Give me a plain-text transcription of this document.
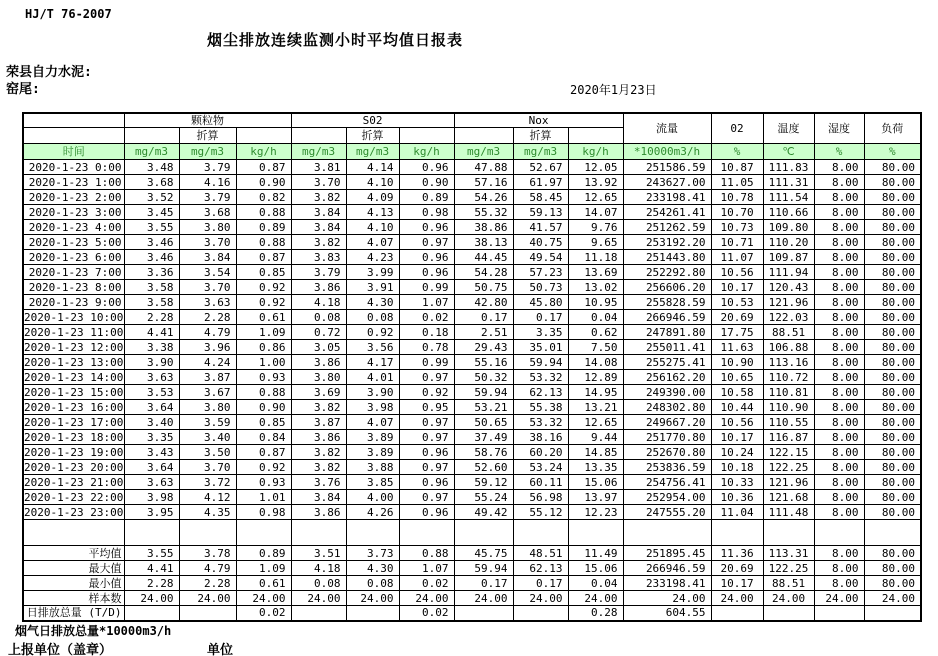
HJ/T 76-2007
烟尘排放连续监测小时平均值日报表
荣县自力水泥:
窑尾:	2020年1月23日
	颗粒物			S02			Nox			流量	02	温度	湿度	负荷
		折算			折算			折算						
时间	mg/m3	mg/m3	kg/h	mg/m3	mg/m3	kg/h	mg/m3	mg/m3	kg/h	*10000m3/h	%	℃	%	%
2020-1-23 0:00	3.48	3.79	0.87	3.81	4.14	0.96	47.88	52.67	12.05	251586.59	10.87	111.83	8.00	80.00
2020-1-23 1:00	3.68	4.16	0.90	3.70	4.10	0.90	57.16	61.97	13.92	243627.00	11.05	111.31	8.00	80.00
2020-1-23 2:00	3.52	3.79	0.82	3.82	4.09	0.89	54.26	58.45	12.65	233198.41	10.78	111.54	8.00	80.00
2020-1-23 3:00	3.45	3.68	0.88	3.84	4.13	0.98	55.32	59.13	14.07	254261.41	10.70	110.66	8.00	80.00
2020-1-23 4:00	3.55	3.80	0.89	3.84	4.10	0.96	38.86	41.57	9.76	251262.59	10.73	109.80	8.00	80.00
2020-1-23 5:00	3.46	3.70	0.88	3.82	4.07	0.97	38.13	40.75	9.65	253192.20	10.71	110.20	8.00	80.00
2020-1-23 6:00	3.46	3.84	0.87	3.83	4.23	0.96	44.45	49.54	11.18	251443.80	11.07	109.87	8.00	80.00
2020-1-23 7:00	3.36	3.54	0.85	3.79	3.99	0.96	54.28	57.23	13.69	252292.80	10.56	111.94	8.00	80.00
2020-1-23 8:00	3.58	3.70	0.92	3.86	3.91	0.99	50.75	50.73	13.02	256606.20	10.17	120.43	8.00	80.00
2020-1-23 9:00	3.58	3.63	0.92	4.18	4.30	1.07	42.80	45.80	10.95	255828.59	10.53	121.96	8.00	80.00
2020-1-23 10:00	2.28	2.28	0.61	0.08	0.08	0.02	0.17	0.17	0.04	266946.59	20.69	122.03	8.00	80.00
2020-1-23 11:00	4.41	4.79	1.09	0.72	0.92	0.18	2.51	3.35	0.62	247891.80	17.75	88.51	8.00	80.00
2020-1-23 12:00	3.38	3.96	0.86	3.05	3.56	0.78	29.43	35.01	7.50	255011.41	11.63	106.88	8.00	80.00
2020-1-23 13:00	3.90	4.24	1.00	3.86	4.17	0.99	55.16	59.94	14.08	255275.41	10.90	113.16	8.00	80.00
2020-1-23 14:00	3.63	3.87	0.93	3.80	4.01	0.97	50.32	53.32	12.89	256162.20	10.65	110.72	8.00	80.00
2020-1-23 15:00	3.53	3.67	0.88	3.69	3.90	0.92	59.94	62.13	14.95	249390.00	10.58	110.81	8.00	80.00
2020-1-23 16:00	3.64	3.80	0.90	3.82	3.98	0.95	53.21	55.38	13.21	248302.80	10.44	110.90	8.00	80.00
2020-1-23 17:00	3.40	3.59	0.85	3.87	4.07	0.97	50.65	53.32	12.65	249667.20	10.56	110.55	8.00	80.00
2020-1-23 18:00	3.35	3.40	0.84	3.86	3.89	0.97	37.49	38.16	9.44	251770.80	10.17	116.87	8.00	80.00
2020-1-23 19:00	3.43	3.50	0.87	3.82	3.89	0.96	58.76	60.20	14.85	252670.80	10.24	122.15	8.00	80.00
2020-1-23 20:00	3.64	3.70	0.92	3.82	3.88	0.97	52.60	53.24	13.35	253836.59	10.18	122.25	8.00	80.00
2020-1-23 21:00	3.63	3.72	0.93	3.76	3.85	0.96	59.12	60.11	15.06	254756.41	10.33	121.96	8.00	80.00
2020-1-23 22:00	3.98	4.12	1.01	3.84	4.00	0.97	55.24	56.98	13.97	252954.00	10.36	121.68	8.00	80.00
2020-1-23 23:00	3.95	4.35	0.98	3.86	4.26	0.96	49.42	55.12	12.23	247555.20	11.04	111.48	8.00	80.00

平均值	3.55	3.78	0.89	3.51	3.73	0.88	45.75	48.51	11.49	251895.45	11.36	113.31	8.00	80.00
最大值	4.41	4.79	1.09	4.18	4.30	1.07	59.94	62.13	15.06	266946.59	20.69	122.25	8.00	80.00
最小值	2.28	2.28	0.61	0.08	0.08	0.02	0.17	0.17	0.04	233198.41	10.17	88.51	8.00	80.00
样本数	24.00	24.00	24.00	24.00	24.00	24.00	24.00	24.00	24.00	24.00	24.00	24.00	24.00	24.00

日排放总量 (T/D)			0.02			0.02			0.28	604.55				
烟气日排放总量*10000m3/h
上报单位（盖章）	单位
